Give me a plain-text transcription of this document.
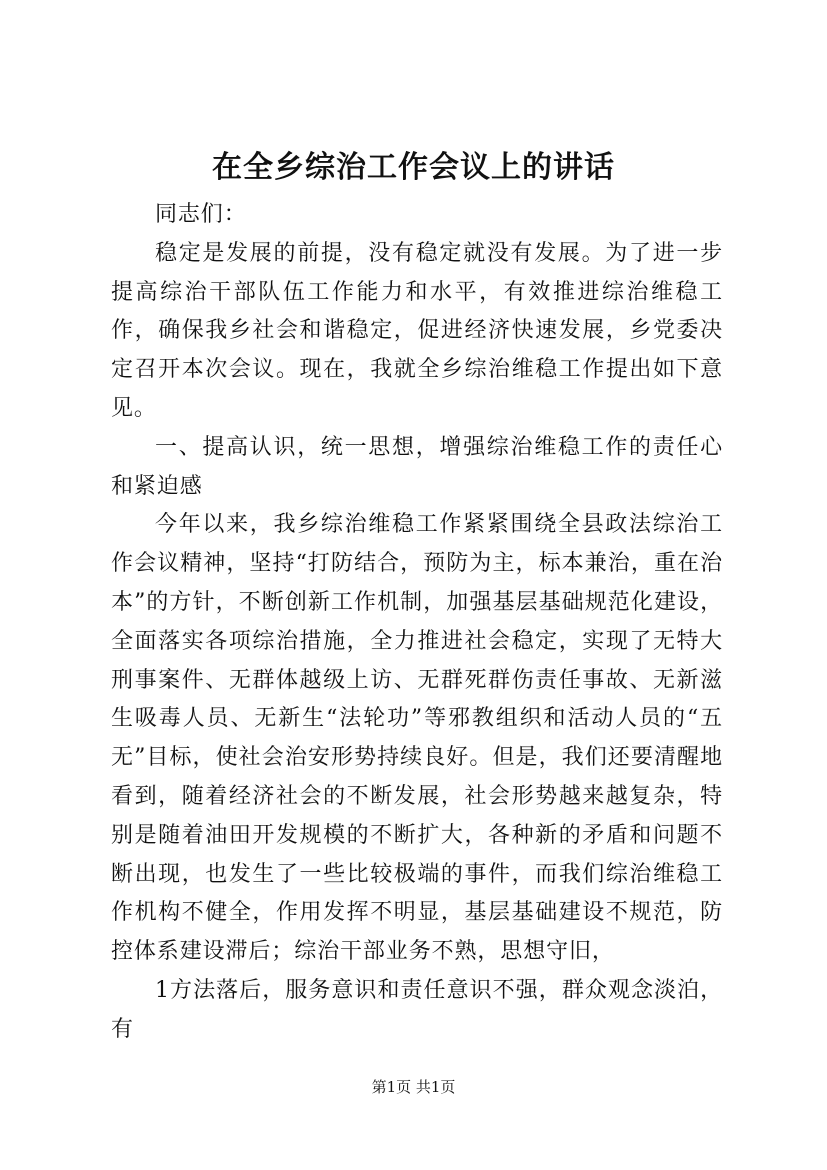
在全乡综治工作会议上的讲话

同志们：

稳定是发展的前提，没有稳定就没有发展。为了进一步提高综治干部队伍工作能力和水平，有效推进综治维稳工作，确保我乡社会和谐稳定，促进经济快速发展，乡党委决定召开本次会议。现在，我就全乡综治维稳工作提出如下意见。

一、提高认识，统一思想，增强综治维稳工作的责任心和紧迫感

今年以来，我乡综治维稳工作紧紧围绕全县政法综治工作会议精神，坚持“打防结合，预防为主，标本兼治，重在治本”的方针，不断创新工作机制，加强基层基础规范化建设，全面落实各项综治措施，全力推进社会稳定，实现了无特大刑事案件、无群体越级上访、无群死群伤责任事故、无新滋生吸毒人员、无新生“法轮功”等邪教组织和活动人员的“五无”目标，使社会治安形势持续良好。但是，我们还要清醒地看到，随着经济社会的不断发展，社会形势越来越复杂，特别是随着油田开发规模的不断扩大，各种新的矛盾和问题不断出现，也发生了一些比较极端的事件，而我们综治维稳工作机构不健全，作用发挥不明显，基层基础建设不规范，防控体系建设滞后；综治干部业务不熟，思想守旧，

1方法落后，服务意识和责任意识不强，群众观念淡泊，有

第1页 共1页
